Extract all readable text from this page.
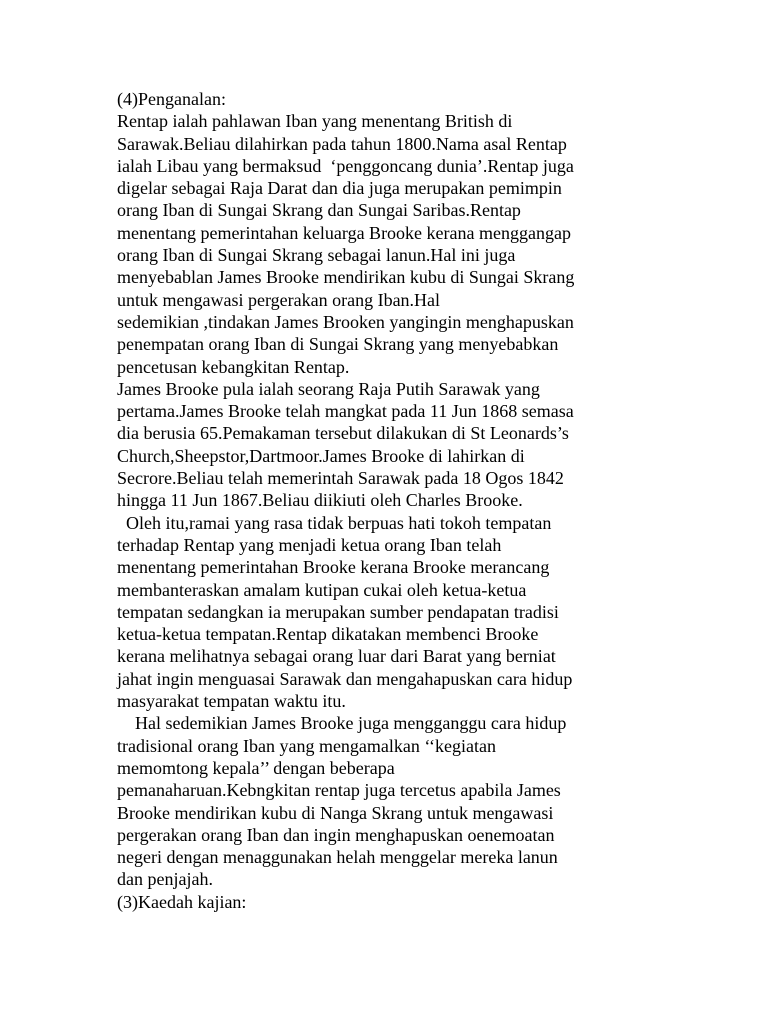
(4)Penganalan:
Rentap ialah pahlawan Iban yang menentang British di
Sarawak.Beliau dilahirkan pada tahun 1800.Nama asal Rentap
ialah Libau yang bermaksud  ‘penggoncang dunia’.Rentap juga
digelar sebagai Raja Darat dan dia juga merupakan pemimpin
orang Iban di Sungai Skrang dan Sungai Saribas.Rentap
menentang pemerintahan keluarga Brooke kerana menggangap
orang Iban di Sungai Skrang sebagai lanun.Hal ini juga
menyebablan James Brooke mendirikan kubu di Sungai Skrang
untuk mengawasi pergerakan orang Iban.Hal
sedemikian ,tindakan James Brooken yangingin menghapuskan
penempatan orang Iban di Sungai Skrang yang menyebabkan
pencetusan kebangkitan Rentap.
James Brooke pula ialah seorang Raja Putih Sarawak yang
pertama.James Brooke telah mangkat pada 11 Jun 1868 semasa
dia berusia 65.Pemakaman tersebut dilakukan di St Leonards’s
Church,Sheepstor,Dartmoor.James Brooke di lahirkan di
Secrore.Beliau telah memerintah Sarawak pada 18 Ogos 1842
hingga 11 Jun 1867.Beliau diikiuti oleh Charles Brooke.
Oleh itu,ramai yang rasa tidak berpuas hati tokoh tempatan
terhadap Rentap yang menjadi ketua orang Iban telah
menentang pemerintahan Brooke kerana Brooke merancang
membanteraskan amalam kutipan cukai oleh ketua-ketua
tempatan sedangkan ia merupakan sumber pendapatan tradisi
ketua-ketua tempatan.Rentap dikatakan membenci Brooke
kerana melihatnya sebagai orang luar dari Barat yang berniat
jahat ingin menguasai Sarawak dan mengahapuskan cara hidup
masyarakat tempatan waktu itu.
Hal sedemikian James Brooke juga mengganggu cara hidup
tradisional orang Iban yang mengamalkan ‘‘kegiatan
memomtong kepala’’ dengan beberapa
pemanaharuan.Kebngkitan rentap juga tercetus apabila James
Brooke mendirikan kubu di Nanga Skrang untuk mengawasi
pergerakan orang Iban dan ingin menghapuskan oenemoatan
negeri dengan menaggunakan helah menggelar mereka lanun
dan penjajah.
(3)Kaedah kajian:
